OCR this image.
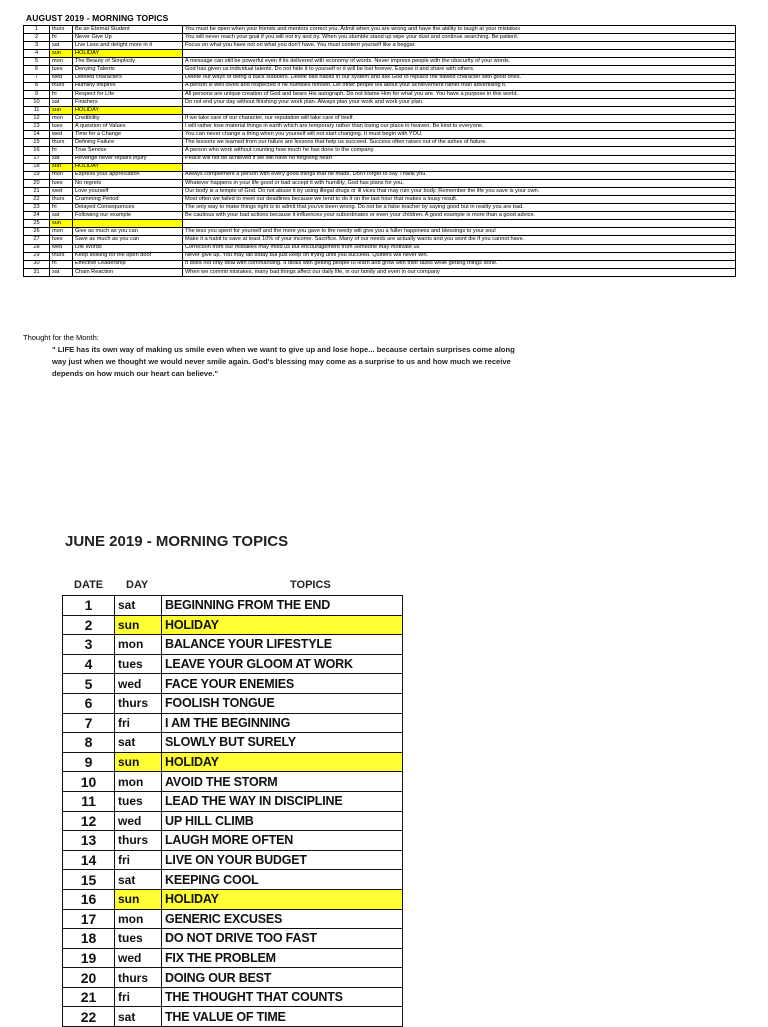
AUGUST 2019 - MORNING TOPICS
1	thurs	Be an Eternal Student	You must be open when your friends and mentors correct you. Admit when you are wrong and have the ability to laugh at your mistakes
2	fri	Never Give Up	You will never reach your goal if you will not try and try. When you stumble stand up wipe your dust and continue searching. Be patient.
3	sat	Live Less and delight more in it	Focus on what you have not on what you don't have. You must content yourself like a beggar.
4	sun	HOLIDAY	
5	mon	The Beauty of Simplicity	A message can still be powerful even if its delivered with economy of words. Never impress people with the obscurity of your words.
6	tues	Denying Talents	God has given us individual talents. Do not hide it to yourself or it will be lost forever. Expose it and share with others.
7	wed	Deleted characters	Delete our ways of being a back stabbers. Delete bad habits in our system and ask God to replace the flawed character with good ones.
8	thurs	Humility inspires	A person is well loved and respected if he humbles himself. Let other people tell about your achievement rather than advertising it.
9	fri	Respect for Life	All persons are unique creation of God and bears His autograph. Do not blame Him for what you are. You have a purpose in this world.
10	sat	Finishers	Do not end your day without finishing your work plan. Always plan your work and work your plan.
11	sun	HOLIDAY	
12	mon	Credibility	If we take care of our character, our reputation will take care of itself.
13	tues	A question of Values	I will rather lose material things in earth which are temporary rather than losing our place in heaven. Be kind to everyone.
14	wed	Time for a Change	You can never change a thing when you yourself will not start changing. It must begin with YOU.
15	thurs	Defining Failure	The lessons we learned from our failure are lessons that help us succeed. Success often raises out of the ashes of failure.
16	fri	True Service	A person who work without counting how much he has done to the company.
17	sat	Revenge never repairs injury	Peace will not be achieved if we will have no forgiving heart
18	sun	HOLIDAY	
19	mon	Express your appreciation	Always complement a person with every good things that he made. Don't forget to say Thank you.
20	tues	No regrets	Whatever happens in your life good or bad accept it with humility, God has plans for you.
21	wed	Love yourself	Our body is a temple of God. Do not abuse it by using illegal drugs or ill vices that may ruin your body. Remember the life you save is your own.
22	thurs	Cramming Period	Most often we failed to meet our deadlines because we tend to do it on the last hour that makes a lousy result.
23	fri	Delayed Consequences	The only way to make things right is to admit that you've been wrong. Do not be a false teacher by saying good but in reality you are bad.
24	sat	Following our example	Be cautious with your bad actions because it influences your subordinates or even your children. A good example is more than a good advice.
25	sun		
26	mon	Give as much as you can	The less you spent for yourself and the more you gave to the needy will give you a fuller happiness and blessings to your soul
27	tues	Save as much as you can	Make it a habit to save at least 10% of your income. Sacrifice. Many of our needs are actually wants and you wont die if you cannot have.
28	wed	Life Words	Correction from our mistakes may mold us but encouragement from someone may motivate us
29	thurs	Keep looking for the open door	Never give up. You may fail today but just keep on trying until you succeed. Quitters will never win.
30	fri	Effective Leadership	It does not only deal with commanding. It deals with getting people to learn and grow with their tasks while getting things done.
31	sat	Chain Reaction	When we commit mistakes, many bad things affect our daily life, in our family and even in our company
Thought for the Month:
" LIFE has its own way of making us smile even when we want to give up and lose hope... because certain surprises come along
way just when we thought we would never smile again. God's blessing may come as a surprise to us and how much we receive
depends on how much our heart can believe."
JUNE 2019 - MORNING TOPICS
DATE DAY	TOPICS
1	sat	BEGINNING FROM THE END
2	sun	HOLIDAY
3	mon	BALANCE YOUR LIFESTYLE
4	tues	LEAVE YOUR GLOOM AT WORK
5	wed	FACE YOUR ENEMIES
6	thurs	FOOLISH TONGUE
7	fri	I AM THE BEGINNING
8	sat	SLOWLY BUT SURELY
9	sun	HOLIDAY
10	mon	AVOID THE STORM
11	tues	LEAD THE WAY IN DISCIPLINE
12	wed	UP HILL CLIMB
13	thurs	LAUGH MORE OFTEN
14	fri	LIVE ON YOUR BUDGET
15	sat	KEEPING COOL
16	sun	HOLIDAY
17	mon	GENERIC EXCUSES
18	tues	DO NOT DRIVE TOO FAST
19	wed	FIX THE PROBLEM
20	thurs	DOING OUR BEST
21	fri	THE THOUGHT THAT COUNTS
22	sat	THE VALUE OF TIME
